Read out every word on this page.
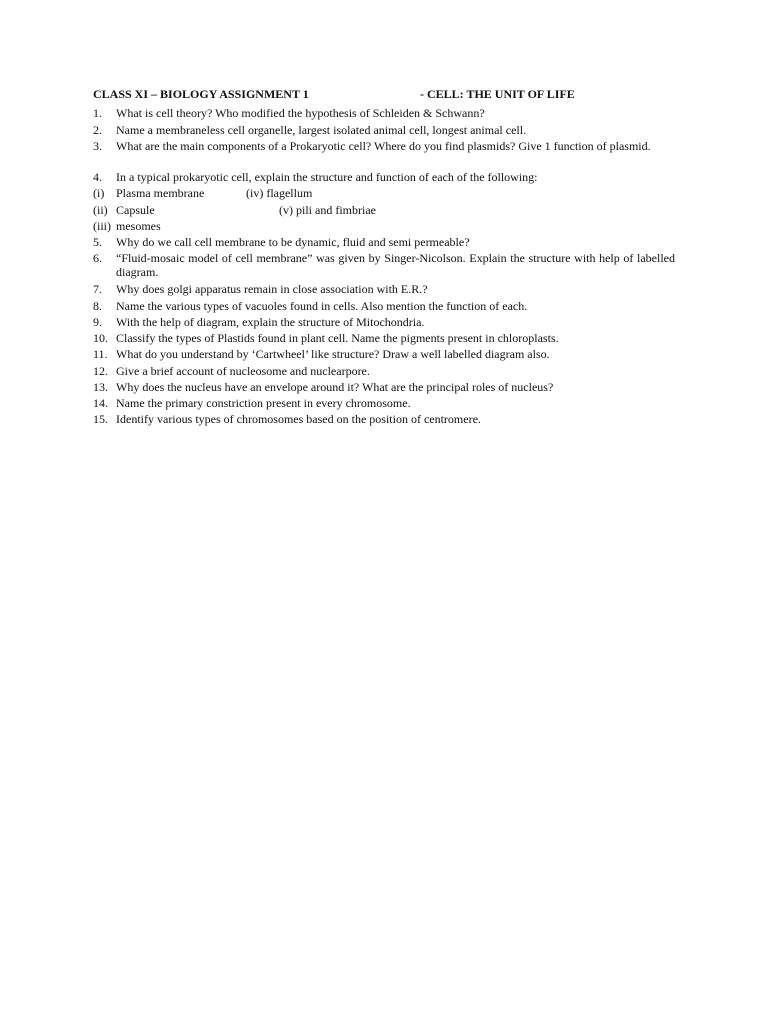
CLASS XI – BIOLOGY ASSIGNMENT 1	- CELL: THE UNIT OF LIFE
1. What is cell theory? Who modified the hypothesis of Schleiden & Schwann?
2. Name a membraneless cell organelle, largest isolated animal cell, longest animal cell.
3. What are the main components of a Prokaryotic cell? Where do you find plasmids? Give 1 function of plasmid.
4. In a typical prokaryotic cell, explain the structure and function of each of the following:
(i) Plasma membrane	(iv) flagellum
(ii) Capsule	(v) pili and fimbriae
(iii) mesomes
5. Why do we call cell membrane to be dynamic, fluid and semi permeable?
6. “Fluid-mosaic model of cell membrane” was given by Singer-Nicolson. Explain the structure with help of labelled diagram.
7. Why does golgi apparatus remain in close association with E.R.?
8. Name the various types of vacuoles found in cells. Also mention the function of each.
9. With the help of diagram, explain the structure of Mitochondria.
10. Classify the types of Plastids found in plant cell. Name the pigments present in chloroplasts.
11. What do you understand by ‘Cartwheel’ like structure? Draw a well labelled diagram also.
12. Give a brief account of nucleosome and nuclearpore.
13. Why does the nucleus have an envelope around it? What are the principal roles of nucleus?
14. Name the primary constriction present in every chromosome.
15. Identify various types of chromosomes based on the position of centromere.
